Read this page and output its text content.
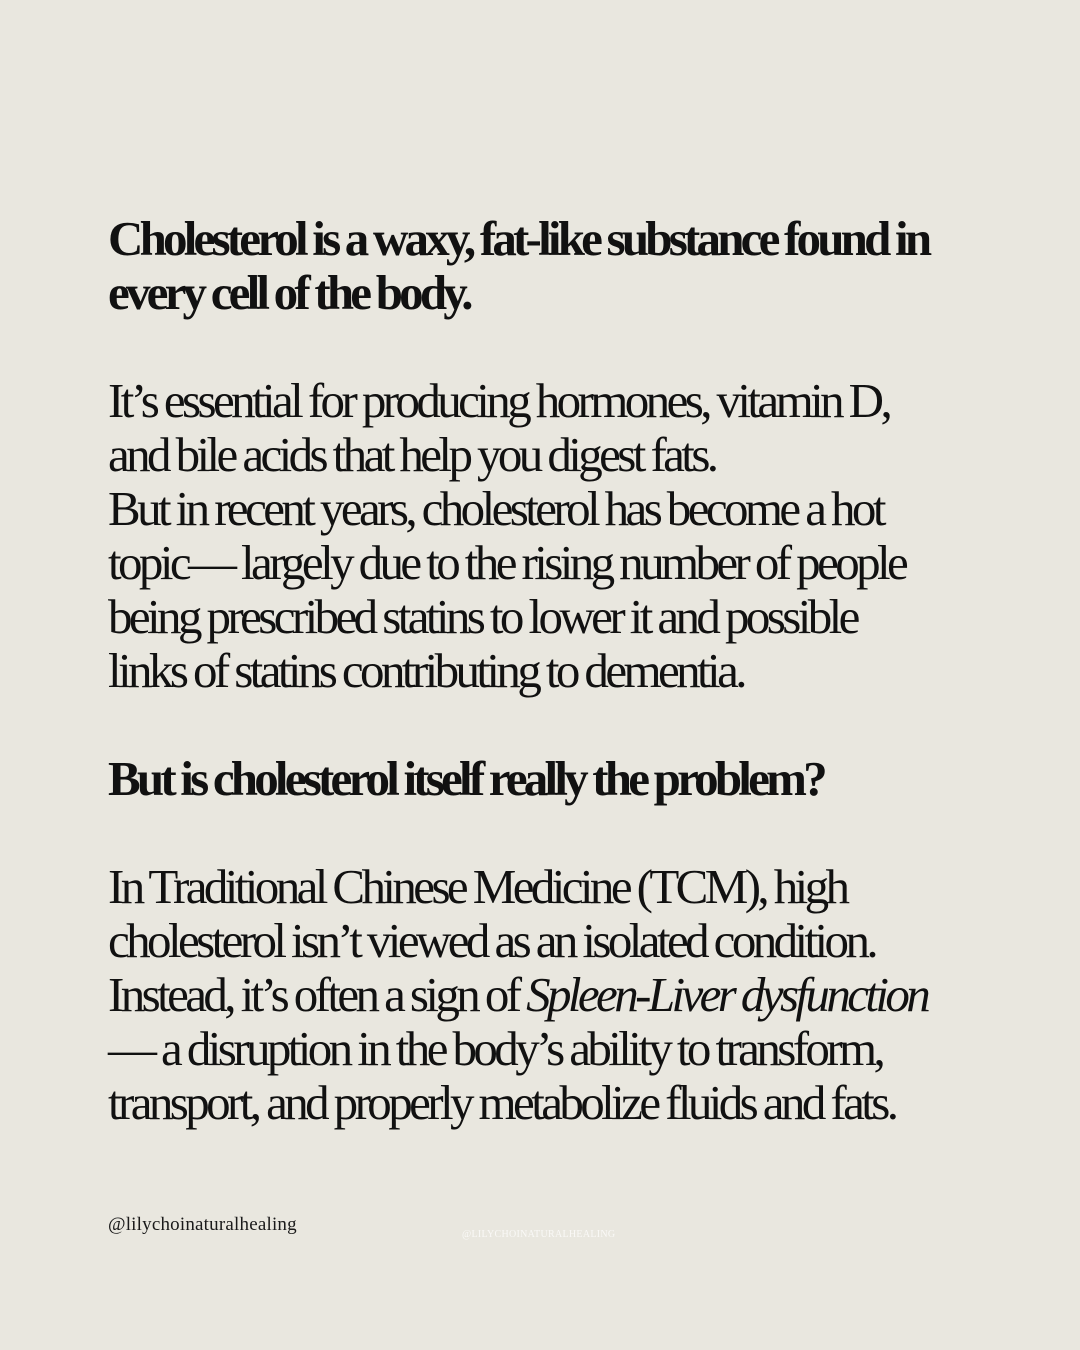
Cholesterol is a waxy, fat-like substance found in
every cell of the body.

It’s essential for producing hormones, vitamin D,
and bile acids that help you digest fats.
But in recent years, cholesterol has become a hot
topic— largely due to the rising number of people
being prescribed statins to lower it and possible
links of statins contributing to dementia.

But is cholesterol itself really the problem?

In Traditional Chinese Medicine (TCM), high
cholesterol isn’t viewed as an isolated condition.
Instead, it’s often a sign of Spleen-Liver dysfunction
— a disruption in the body’s ability to transform,
transport, and properly metabolize fluids and fats.

@lilychoinaturalhealing	@LILYCHOINATURALHEALING
